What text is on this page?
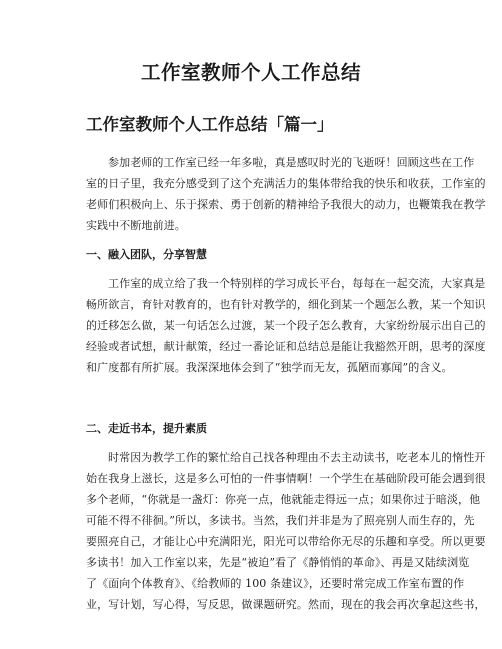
工作室教师个人工作总结
工作室教师个人工作总结「篇一」
参加老师的工作室已经一年多啦，真是感叹时光的飞逝呀！回顾这些在工作
室的日子里，我充分感受到了这个充满活力的集体带给我的快乐和收获，工作室的
老师们积极向上、乐于探索、勇于创新的精神给予我很大的动力，也鞭策我在教学
实践中不断地前进。
一、融入团队，分享智慧
工作室的成立给了我一个特别样的学习成长平台，每每在一起交流，大家真是
畅所欲言，育针对教育的，也有针对教学的，细化到某一个题怎么教，某一个知识
的迁移怎么做，某一句话怎么过渡，某一个段子怎么教育，大家纷纷展示出自己的
经验或者试想，献计献策，经过一番论证和总结总是能让我豁然开朗，思考的深度
和广度都有所扩展。我深深地体会到了“独学而无友，孤陋而寡闻”的含义。
二、走近书本，提升素质
时常因为教学工作的繁忙给自己找各种理由不去主动读书，吃老本儿的惰性开
始在我身上滋长，这是多么可怕的一件事情啊！一个学生在基础阶段可能会遇到很
多个老师，“你就是一盏灯：你亮一点，他就能走得远一点；如果你过于暗淡，他
可能不得不徘徊。”所以，多读书。当然，我们并非是为了照亮别人而生存的，先
要照亮自己，才能让心中充满阳光，阳光可以带给你无尽的乐趣和享受。所以更要
多读书！加入工作室以来，先是“被迫”看了《静悄悄的革命》、再是又陆续浏览
了《面向个体教育》、《给教师的 100 条建议》，还要时常完成工作室布置的作
业，写计划，写心得，写反思，做课题研究。然而，现在的我会再次拿起这些书，
